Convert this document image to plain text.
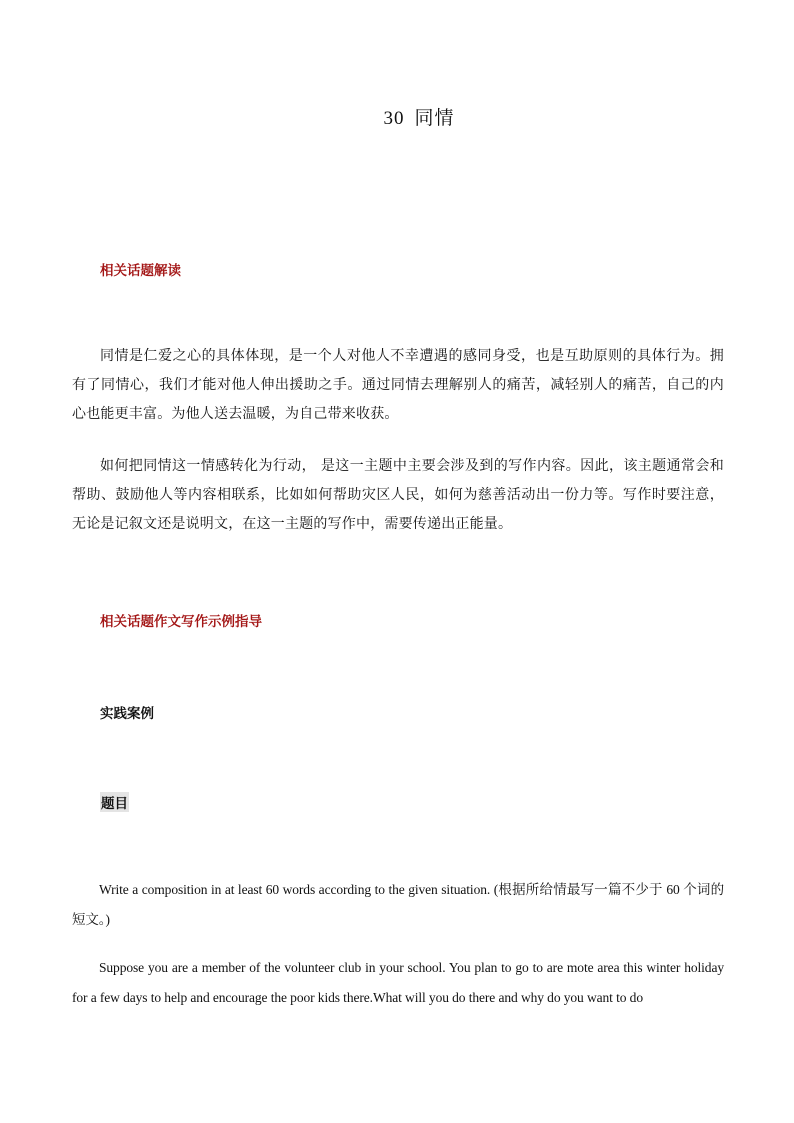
30 同情
相关话题解读
同情是仁爱之心的具体体现，是一个人对他人不幸遭遇的感同身受，也是互助原则的具体行为。拥有了同情心，我们才能对他人伸出援助之手。通过同情去理解别人的痛苦，减轻别人的痛苦，自己的内心也能更丰富。为他人送去温暖，为自己带来收获。
如何把同情这一情感转化为行动， 是这一主题中主要会涉及到的写作内容。因此，该主题通常会和帮助、鼓励他人等内容相联系，比如如何帮助灾区人民，如何为慈善活动出一份力等。写作时要注意，无论是记叙文还是说明文，在这一主题的写作中，需要传递出正能量。
相关话题作文写作示例指导
实践案例
题目
Write a composition in at least 60 words according to the given situation. (根据所给情最写一篇不少于 60 个词的短文。)
Suppose you are a member of the volunteer club in your school. You plan to go to are mote area this winter holiday for a few days to help and encourage the poor kids there.What will you do there and why do you want to do
